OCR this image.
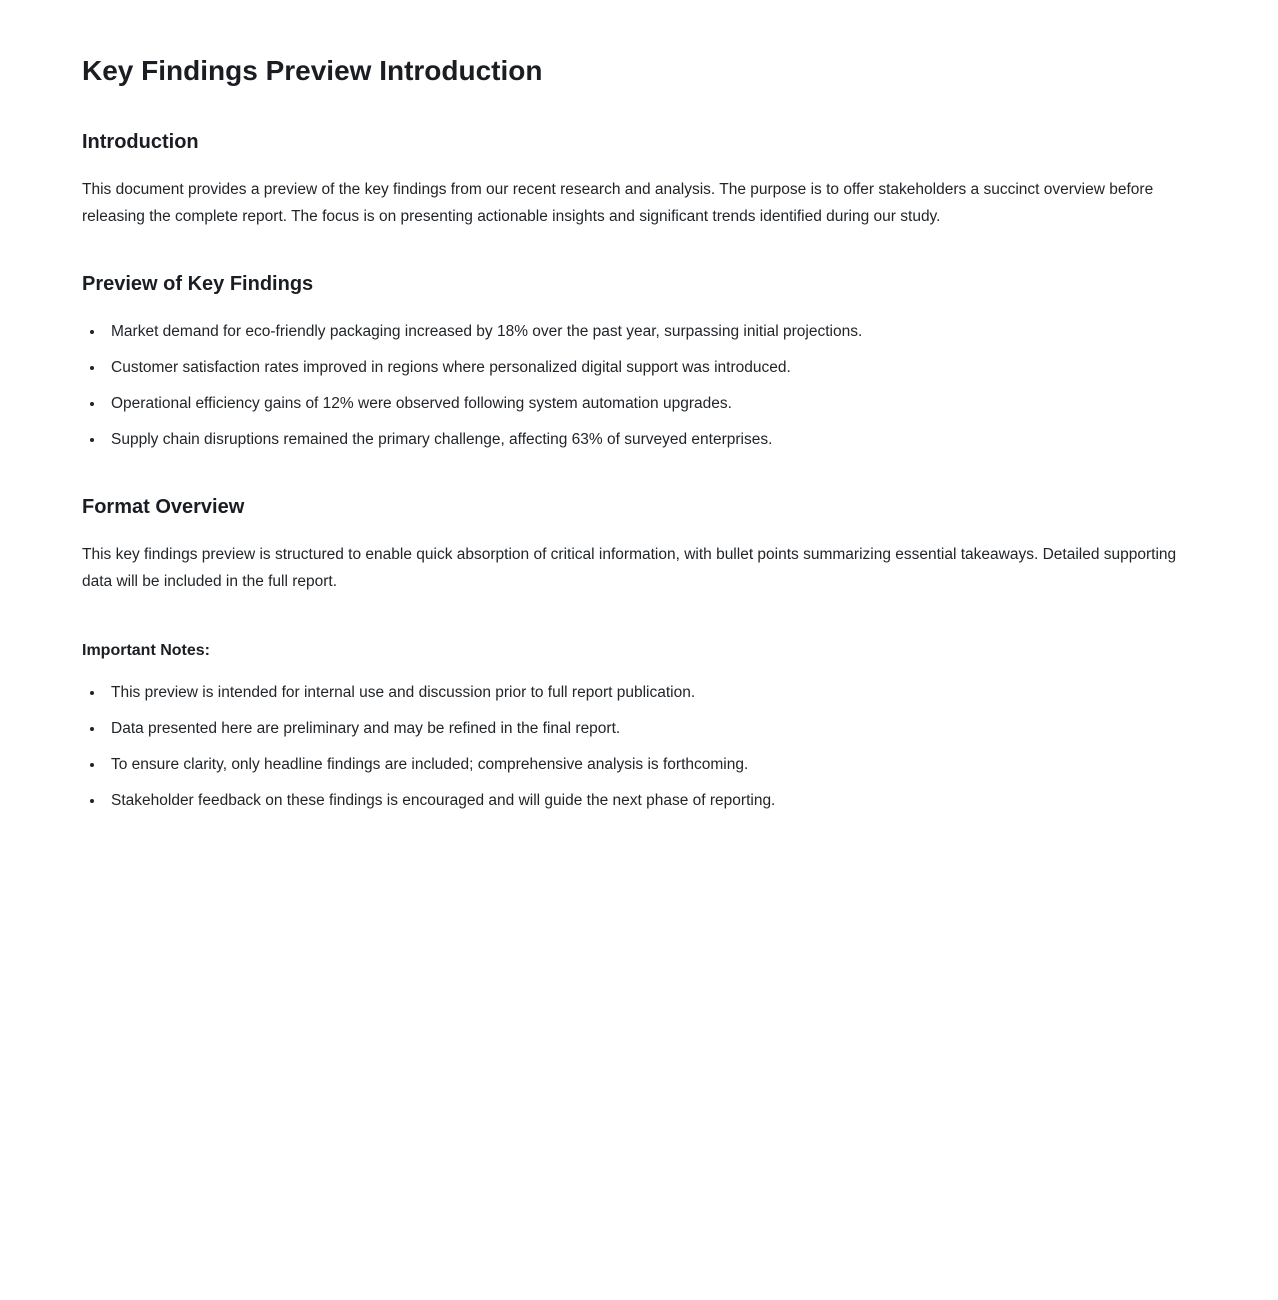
Key Findings Preview Introduction
Introduction

This document provides a preview of the key findings from our recent research and analysis. The purpose is to offer stakeholders a succinct overview before releasing the complete report. The focus is on presenting actionable insights and significant trends identified during our study.

Preview of Key Findings
• Market demand for eco-friendly packaging increased by 18% over the past year, surpassing initial projections.
• Customer satisfaction rates improved in regions where personalized digital support was introduced.
• Operational efficiency gains of 12% were observed following system automation upgrades.
• Supply chain disruptions remained the primary challenge, affecting 63% of surveyed enterprises.
Format Overview

This key findings preview is structured to enable quick absorption of critical information, with bullet points summarizing essential takeaways. Detailed supporting data will be included in the full report.

Important Notes:
• This preview is intended for internal use and discussion prior to full report publication.
• Data presented here are preliminary and may be refined in the final report.
• To ensure clarity, only headline findings are included; comprehensive analysis is forthcoming.
• Stakeholder feedback on these findings is encouraged and will guide the next phase of reporting.
